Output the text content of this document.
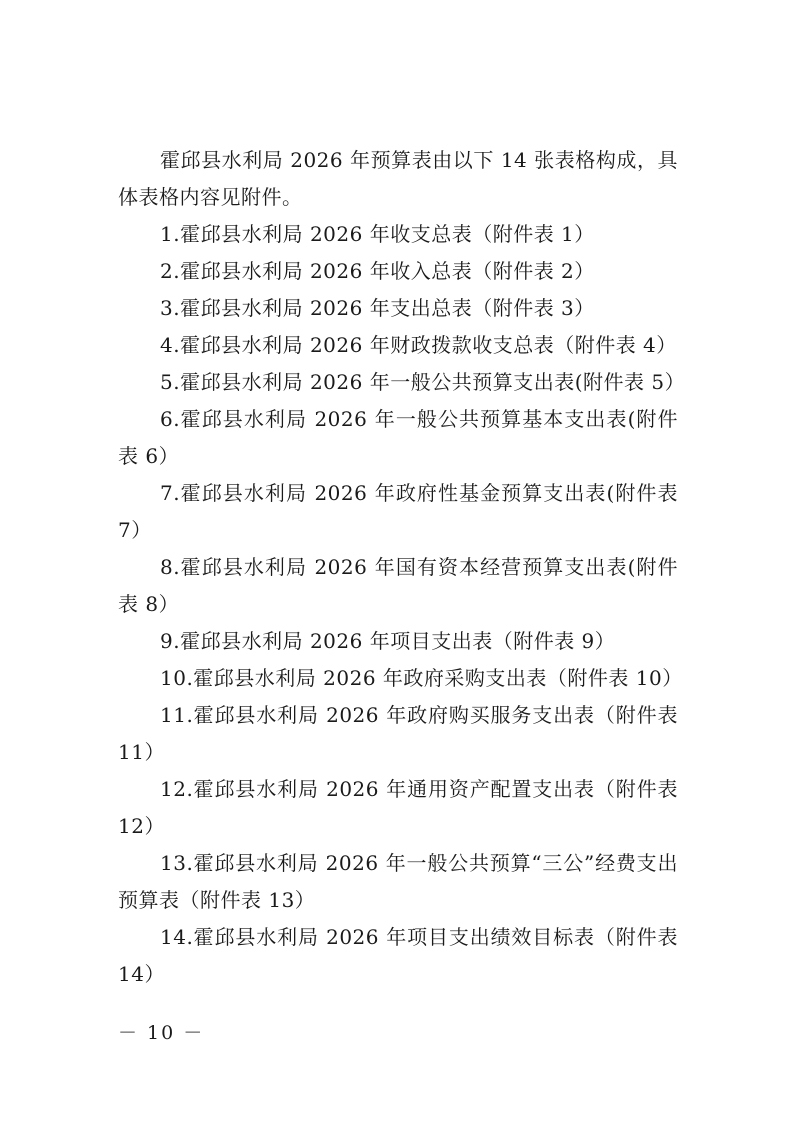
霍邱县水利局 2026 年预算表由以下 14 张表格构成，具体表格内容见附件。

1.霍邱县水利局 2026 年收支总表（附件表 1）
2.霍邱县水利局 2026 年收入总表（附件表 2）
3.霍邱县水利局 2026 年支出总表（附件表 3）
4.霍邱县水利局 2026 年财政拨款收支总表（附件表 4）
5.霍邱县水利局 2026 年一般公共预算支出表(附件表 5）
6.霍邱县水利局 2026 年一般公共预算基本支出表(附件表 6）
7.霍邱县水利局 2026 年政府性基金预算支出表(附件表 7）
8.霍邱县水利局 2026 年国有资本经营预算支出表(附件表 8）
9.霍邱县水利局 2026 年项目支出表（附件表 9）
10.霍邱县水利局 2026 年政府采购支出表（附件表 10）
11.霍邱县水利局 2026 年政府购买服务支出表（附件表 11）
12.霍邱县水利局 2026 年通用资产配置支出表（附件表 12）
13.霍邱县水利局 2026 年一般公共预算“三公”经费支出预算表（附件表 13）
14.霍邱县水利局 2026 年项目支出绩效目标表（附件表 14）
－ 10 －
